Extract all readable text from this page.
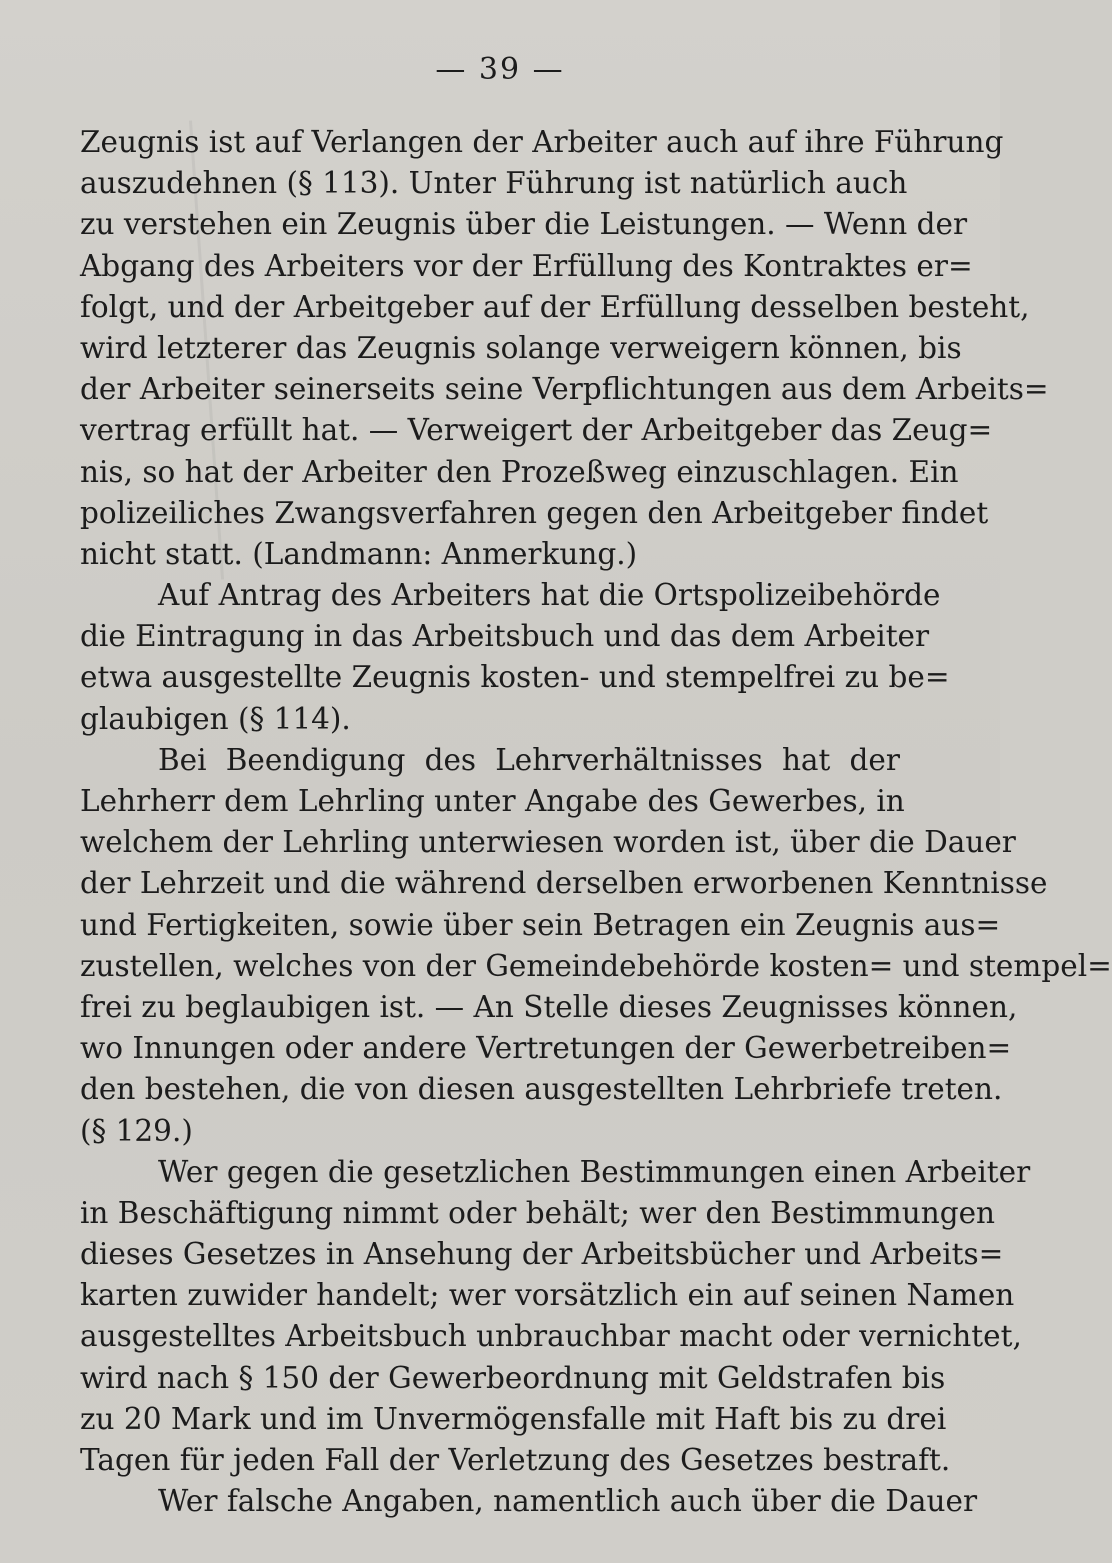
— 39 —
Zeugnis ist auf Verlangen der Arbeiter auch auf ihre Führung
auszudehnen (§ 113). Unter Führung ist natürlich auch
zu verstehen ein Zeugnis über die Leistungen. — Wenn der
Abgang des Arbeiters vor der Erfüllung des Kontraktes er=
folgt, und der Arbeitgeber auf der Erfüllung desselben besteht,
wird letzterer das Zeugnis solange verweigern können, bis
der Arbeiter seinerseits seine Verpflichtungen aus dem Arbeits=
vertrag erfüllt hat. — Verweigert der Arbeitgeber das Zeug=
nis, so hat der Arbeiter den Prozeßweg einzuschlagen. Ein
polizeiliches Zwangsverfahren gegen den Arbeitgeber findet
nicht statt. (Landmann: Anmerkung.)
Auf Antrag des Arbeiters hat die Ortspolizeibehörde
die Eintragung in das Arbeitsbuch und das dem Arbeiter
etwa ausgestellte Zeugnis kosten- und stempelfrei zu be=
glaubigen (§ 114).
Bei Beendigung des Lehrverhältnisses hat der
Lehrherr dem Lehrling unter Angabe des Gewerbes, in
welchem der Lehrling unterwiesen worden ist, über die Dauer
der Lehrzeit und die während derselben erworbenen Kenntnisse
und Fertigkeiten, sowie über sein Betragen ein Zeugnis aus=
zustellen, welches von der Gemeindebehörde kosten= und stempel=
frei zu beglaubigen ist. — An Stelle dieses Zeugnisses können,
wo Innungen oder andere Vertretungen der Gewerbetreiben=
den bestehen, die von diesen ausgestellten Lehrbriefe treten.
(§ 129.)
Wer gegen die gesetzlichen Bestimmungen einen Arbeiter
in Beschäftigung nimmt oder behält; wer den Bestimmungen
dieses Gesetzes in Ansehung der Arbeitsbücher und Arbeits=
karten zuwider handelt; wer vorsätzlich ein auf seinen Namen
ausgestelltes Arbeitsbuch unbrauchbar macht oder vernichtet,
wird nach § 150 der Gewerbeordnung mit Geldstrafen bis
zu 20 Mark und im Unvermögensfalle mit Haft bis zu drei
Tagen für jeden Fall der Verletzung des Gesetzes bestraft.
Wer falsche Angaben, namentlich auch über die Dauer
